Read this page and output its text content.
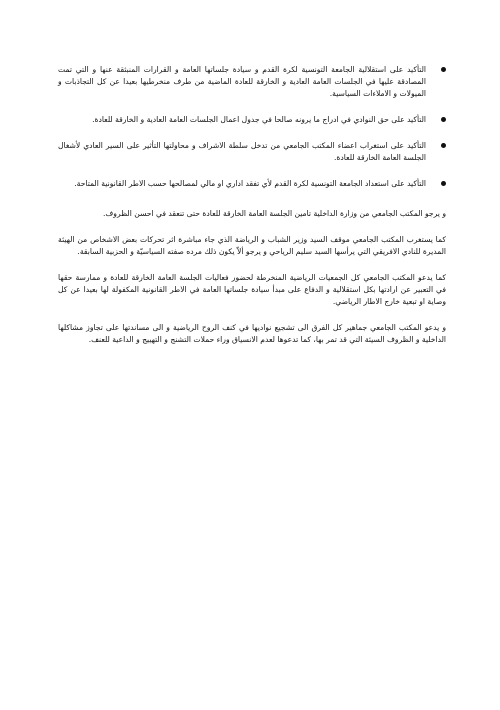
التأكيد على استقلالية الجامعة التونسية لكرة القدم و سيادة جلساتها العامة و القرارات المنبثقة عنها و التي تمت المصادقة عليها في الجلسات العامة العادية و الخارقة للعادة الماضية من طرف منخرطيها بعيدا عن كل التجاذبات و الميولات و الاملاءات السياسية.
التأكيد على حق النوادي في ادراج ما يرونه صالحا في جدول اعمال الجلسات العامة العادية و الخارقة للعادة.
التأكيد على استغراب اعضاء المكتب الجامعي من تدخل سلطة الاشراف و محاولتها التأثير على السير العادي لأشغال الجلسة العامة الخارقة للعادة.
التأكيد على استعداد الجامعة التونسية لكرة القدم لأي تفقد اداري او مالي لمصالحها حسب الاطر القانونية المتاحة.

و يرجو المكتب الجامعي من وزارة الداخلية تامين الجلسة العامة الخارقة للعادة حتى تنعقد في احسن الظروف.

كما يستغرب المكتب الجامعي موقف السيد وزير الشباب و الرياضة الذي جاء مباشرة اثر تحركات بعض الاشخاص من الهيئة المديرة للنادي الافريقي التي يرأسها السيد سليم الرياحي و يرجو ألاّ يكون ذلك مرده صفته السياسيّة و الحزبية السابقة.

كما يدعو المكتب الجامعي كل الجمعيات الرياضية المنخرطة لحضور فعاليات الجلسة العامة الخارقة للعادة و ممارسة حقها في التعبير عن ارادتها بكل استقلالية و الدفاع على مبدأ سيادة جلساتها العامة في الاطر القانونية المكفولة لها بعيدا عن كل وصاية او تبعية خارج الاطار الرياضي.

و يدعو المكتب الجامعي جماهير كل الفرق الى تشجيع نواديها في كنف الروح الرياضية و الى مساندتها على تجاوز مشاكلها الداخلية و الظروف السيئة التي قد تمر بها، كما تدعوها لعدم الانسياق وراء حملات التشنج و التهييج و الداعية للعنف.
